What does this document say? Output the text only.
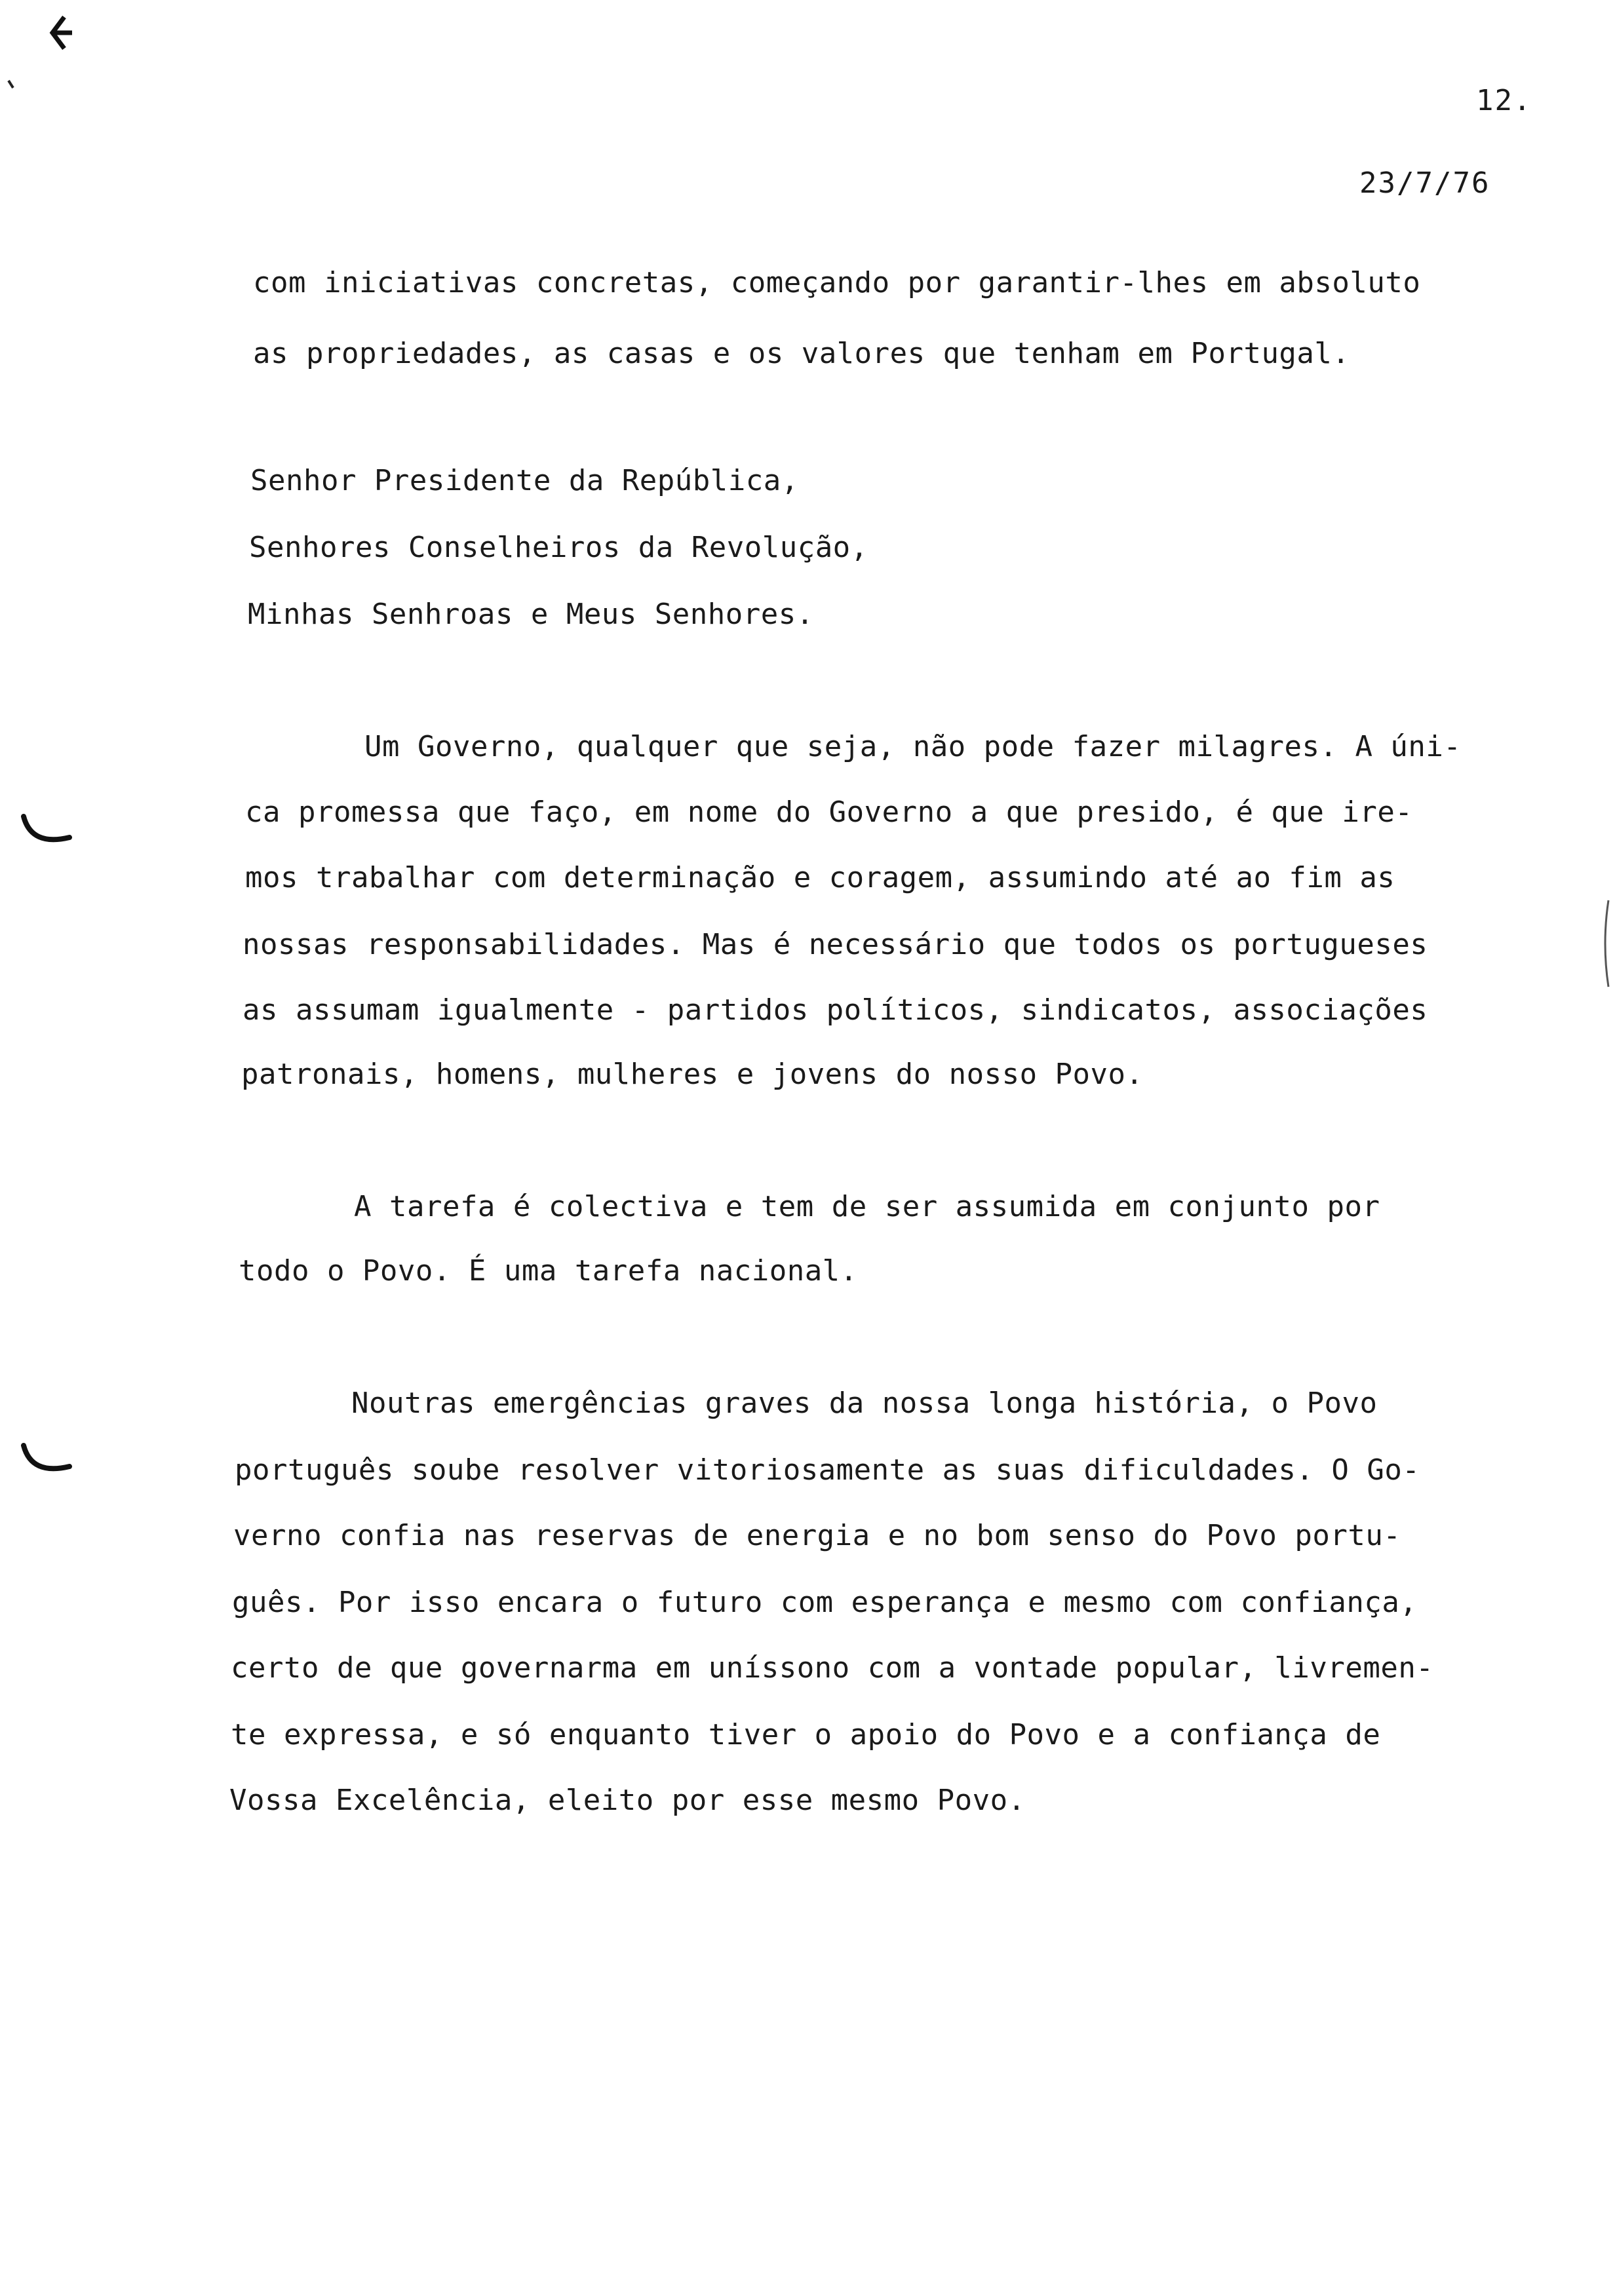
12.
23/7/76
com iniciativas concretas, começando por garantir-lhes em absoluto
as propriedades, as casas e os valores que tenham em Portugal.
Senhor Presidente da República,
Senhores Conselheiros da Revolução,
Minhas Senhroas e Meus Senhores.
Um Governo, qualquer que seja, não pode fazer milagres. A úni-
ca promessa que faço, em nome do Governo a que presido, é que ire-
mos trabalhar com determinação e coragem, assumindo até ao fim as
nossas responsabilidades. Mas é necessário que todos os portugueses
as assumam igualmente - partidos políticos, sindicatos, associações
patronais, homens, mulheres e jovens do nosso Povo.
A tarefa é colectiva e tem de ser assumida em conjunto por
todo o Povo. É uma tarefa nacional.
Noutras emergências graves da nossa longa história, o Povo
português soube resolver vitoriosamente as suas dificuldades. O Go-
verno confia nas reservas de energia e no bom senso do Povo portu-
guês. Por isso encara o futuro com esperança e mesmo com confiança,
certo de que governarma em uníssono com a vontade popular, livremen-
te expressa, e só enquanto tiver o apoio do Povo e a confiança de
Vossa Excelência, eleito por esse mesmo Povo.
